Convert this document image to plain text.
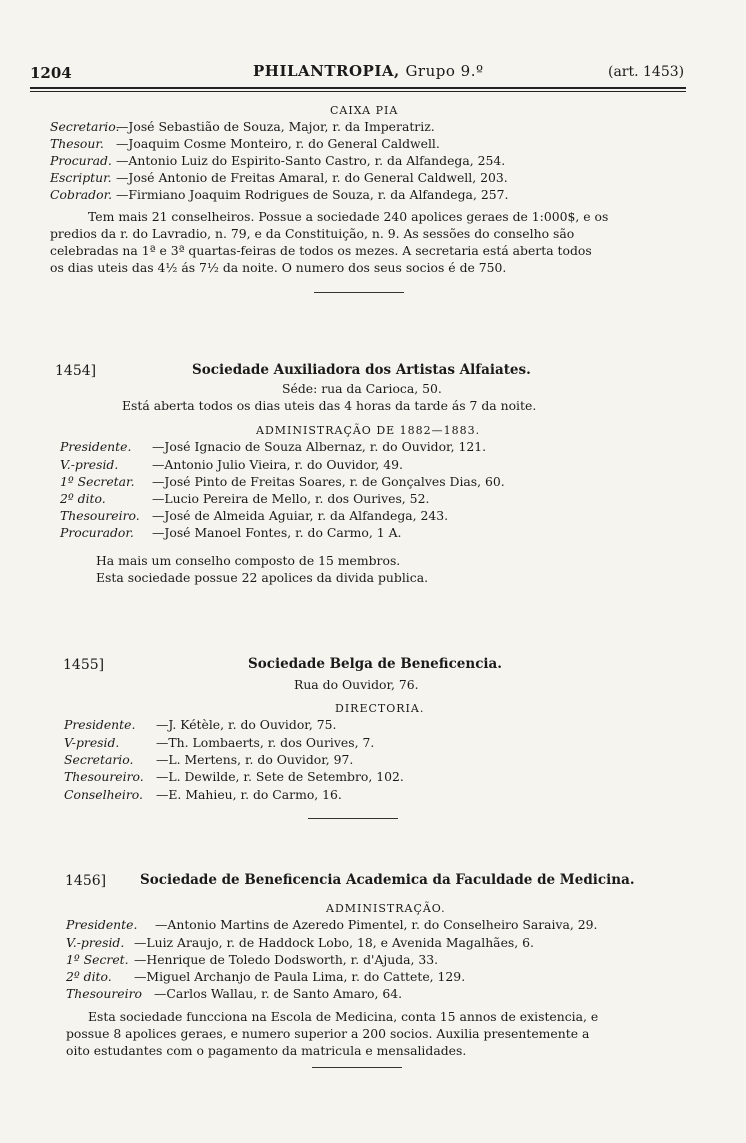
1204	PHILANTROPIA, Grupo 9.º	(art. 1453)
CAIXA PIA
Secretario.—José Sebastião de Souza, Major, r. da Imperatriz.
Thesour. —Joaquim Cosme Monteiro, r. do General Caldwell.
Procurad. —Antonio Luiz do Espirito-Santo Castro, r. da Alfandega, 254.
Escriptur. —José Antonio de Freitas Amaral, r. do General Caldwell, 203.
Cobrador. —Firmiano Joaquim Rodrigues de Souza, r. da Alfandega, 257.
Tem mais 21 conselheiros. Possue a sociedade 240 apolices geraes de 1:000$, e os
predios da r. do Lavradio, n. 79, e da Constituição, n. 9. As sessões do conselho são
celebradas na 1ª e 3ª quartas-feiras de todos os mezes. A secretaria está aberta todos
os dias uteis das 4½ ás 7½ da noite. O numero dos seus socios é de 750.
1454]	Sociedade Auxiliadora dos Artistas Alfaiates.
Séde: rua da Carioca, 50.
Está aberta todos os dias uteis das 4 horas da tarde ás 7 da noite.
ADMINISTRAÇÃO DE 1882—1883.
Presidente. —José Ignacio de Souza Albernaz, r. do Ouvidor, 121.
V.-presid.	—Antonio Julio Vieira, r. do Ouvidor, 49.
1º Secretar. —José Pinto de Freitas Soares, r. de Gonçalves Dias, 60.
2º dito.	—Lucio Pereira de Mello, r. dos Ourives, 52.
Thesoureiro. —José de Almeida Aguiar, r. da Alfandega, 243.
Procurador. —José Manoel Fontes, r. do Carmo, 1 A.
Ha mais um conselho composto de 15 membros.
Esta sociedade possue 22 apolices da divida publica.
1455]	Sociedade Belga de Beneficencia.
Rua do Ouvidor, 76.
DIRECTORIA.
Presidente. —J. Kétèle, r. do Ouvidor, 75.
V-presid.	—Th. Lombaerts, r. dos Ourives, 7.
Secretario. —L. Mertens, r. do Ouvidor, 97.
Thesoureiro. —L. Dewilde, r. Sete de Setembro, 102.
Conselheiro. —E. Mahieu, r. do Carmo, 16.
1456]	Sociedade de Beneficencia Academica da Faculdade de Medicina.
ADMINISTRAÇÃO.
Presidente. —Antonio Martins de Azeredo Pimentel, r. do Conselheiro Saraiva, 29.
V.-presid. —Luiz Araujo, r. de Haddock Lobo, 18, e Avenida Magalhães, 6.
1º Secret. —Henrique de Toledo Dodsworth, r. d'Ajuda, 33.
2º dito. —Miguel Archanjo de Paula Lima, r. do Cattete, 129.
Thesoureiro —Carlos Wallau, r. de Santo Amaro, 64.
Esta sociedade funcciona na Escola de Medicina, conta 15 annos de existencia, e
possue 8 apolices geraes, e numero superior a 200 socios. Auxilia presentemente a
oito estudantes com o pagamento da matricula e mensalidades.
